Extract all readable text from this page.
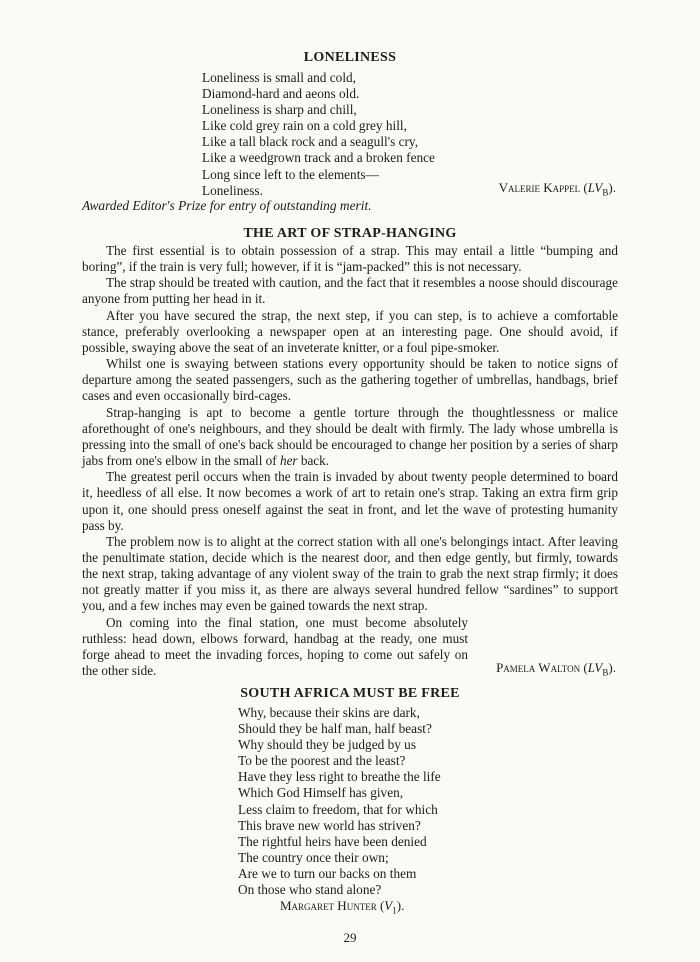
LONELINESS
Loneliness is small and cold,
Diamond-hard and aeons old.
Loneliness is sharp and chill,
Like cold grey rain on a cold grey hill,
Like a tall black rock and a seagull's cry,
Like a weedgrown track and a broken fence
Long since left to the elements—
Loneliness.	Valerie Kappel $(LV_B)$.
Awarded Editor's Prize for entry of outstanding merit.
THE ART OF STRAP-HANGING

The first essential is to obtain possession of a strap. This may entail a little “bumping and boring”, if the train is very full; however, if it is “jam-packed” this is not necessary.

The strap should be treated with caution, and the fact that it resembles a noose should discourage anyone from putting her head in it.

After you have secured the strap, the next step, if you can step, is to achieve a comfortable stance, preferably overlooking a newspaper open at an interesting page. One should avoid, if possible, swaying above the seat of an inveterate knitter, or a foul pipe-smoker.

Whilst one is swaying between stations every opportunity should be taken to notice signs of departure among the seated passengers, such as the gathering together of umbrellas, handbags, brief cases and even occasionally bird-cages.

Strap-hanging is apt to become a gentle torture through the thoughtlessness or malice aforethought of one's neighbours, and they should be dealt with firmly. The lady whose umbrella is pressing into the small of one's back should be encouraged to change her position by a series of sharp jabs from one's elbow in the small of her back.

The greatest peril occurs when the train is invaded by about twenty people determined to board it, heedless of all else. It now becomes a work of art to retain one's strap. Taking an extra firm grip upon it, one should press oneself against the seat in front, and let the wave of protesting humanity pass by.

The problem now is to alight at the correct station with all one's belongings intact. After leaving the penultimate station, decide which is the nearest door, and then edge gently, but firmly, towards the next strap, taking advantage of any violent sway of the train to grab the next strap firmly; it does not greatly matter if you miss it, as there are always several hundred fellow “sardines” to support you, and a few inches may even be gained towards the next strap.

On coming into the final station, one must become absolutely ruthless: head down, elbows forward, handbag at the ready, one must forge ahead to meet the invading forces, hoping to come out safely on the other side.	Pamela Walton $(LV_B)$.
SOUTH AFRICA MUST BE FREE
Why, because their skins are dark,
Should they be half man, half beast?
Why should they be judged by us
To be the poorest and the least?
Have they less right to breathe the life
Which God Himself has given,
Less claim to freedom, that for which
This brave new world has striven?
The rightful heirs have been denied
The country once their own;
Are we to turn our backs on them
On those who stand alone?
Margaret Hunter $(V_1)$.
29
